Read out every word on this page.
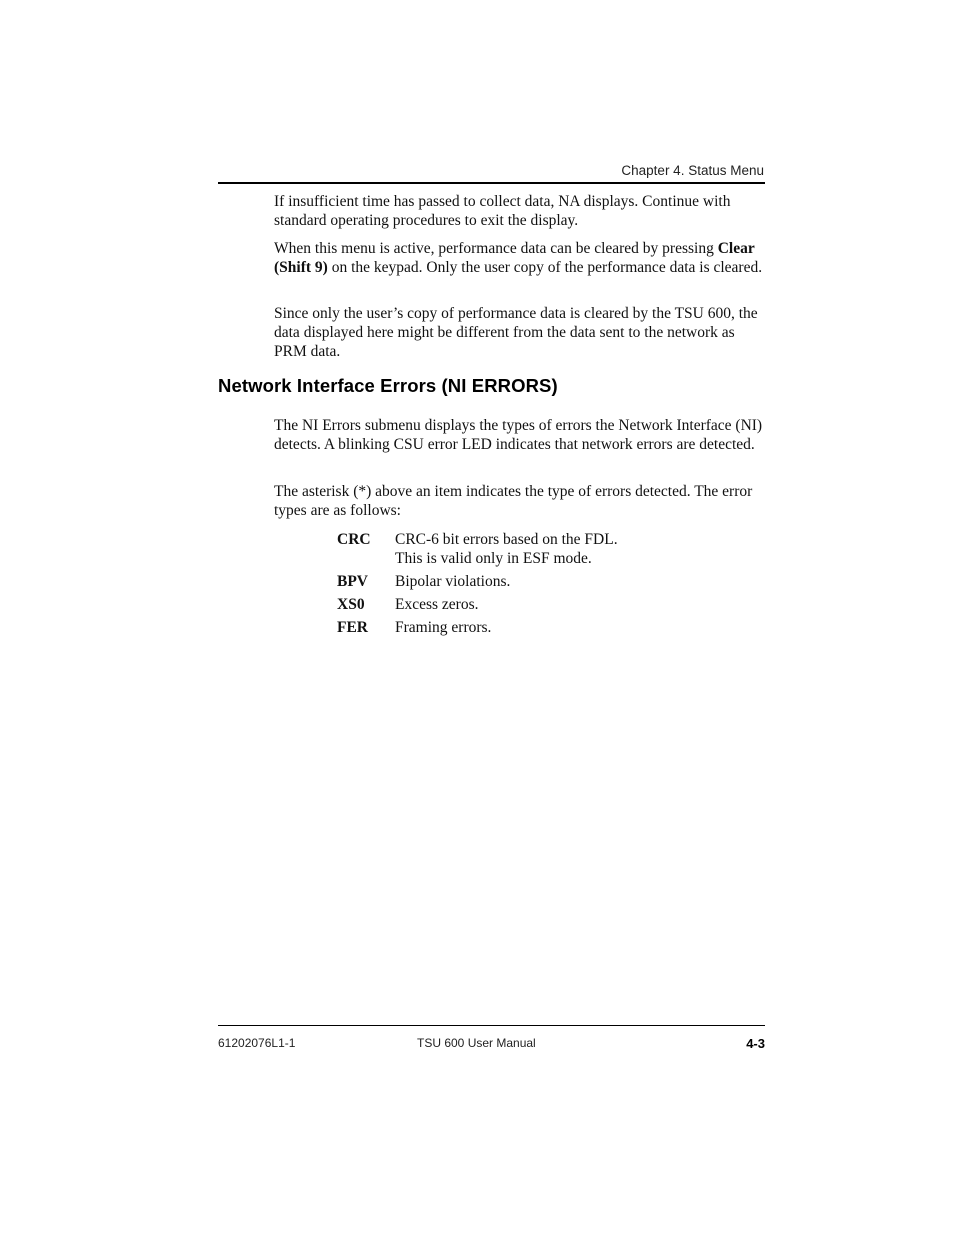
Chapter 4. Status Menu

If insufficient time has passed to collect data, NA displays. Continue with standard operating procedures to exit the display.

When this menu is active, performance data can be cleared by pressing Clear (Shift 9) on the keypad. Only the user copy of the performance data is cleared.

Since only the user’s copy of performance data is cleared by the TSU 600, the data displayed here might be different from the data sent to the network as PRM data.

Network Interface Errors (NI ERRORS)

The NI Errors submenu displays the types of errors the Network Interface (NI) detects. A blinking CSU error LED indicates that network errors are detected.

The asterisk (*) above an item indicates the type of errors detected. The error types are as follows:

CRC	CRC-6 bit errors based on the FDL.
This is valid only in ESF mode.
BPV	Bipolar violations.
XS0	Excess zeros.
FER	Framing errors.
61202076L1-1	TSU 600 User Manual	4-3
